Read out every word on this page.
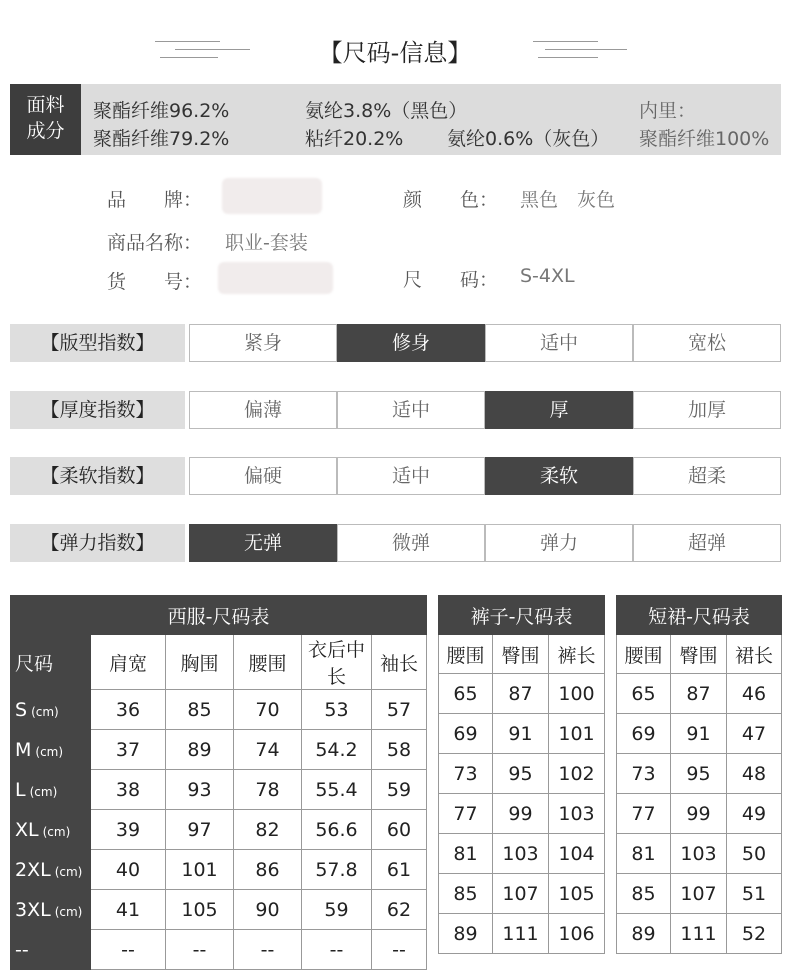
【尺码-信息】
面料
成分
聚酯纤维96.2%	氨纶3.8%（黑色）	内里：
聚酯纤维79.2%	粘纤20.2% 氨纶0.6%（灰色） 聚酯纤维100%
品　　牌：	颜　　色： 黑色　灰色
商品名称： 职业-套装
货　　号：	尺　　码： S-4XL
【版型指数】	紧身	修身	适中	宽松
【厚度指数】	偏薄	适中	厚	加厚
【柔软指数】	偏硬	适中	柔软	超柔
【弹力指数】	无弹	微弹	弹力	超弹
西服-尺码表					
尺码	肩宽	胸围	腰围	衣后中长	袖长
S (cm)	36	85	70	53	57
M (cm)	37	89	74	54.2	58
L (cm)	38	93	78	55.4	59
XL (cm)	39	97	82	56.6	60
2XL (cm)	40	101	86	57.8	61
3XL (cm)	41	105	90	59	62
--	--	--	--	--	--
裤子-尺码表		
腰围	臀围	裤长
65	87	100
69	91	101
73	95	102
77	99	103
81	103	104
85	107	105
89	111	106
短裙-尺码表		
腰围	臀围	裙长
65	87	46
69	91	47
73	95	48
77	99	49
81	103	50
85	107	51
89	111	52
